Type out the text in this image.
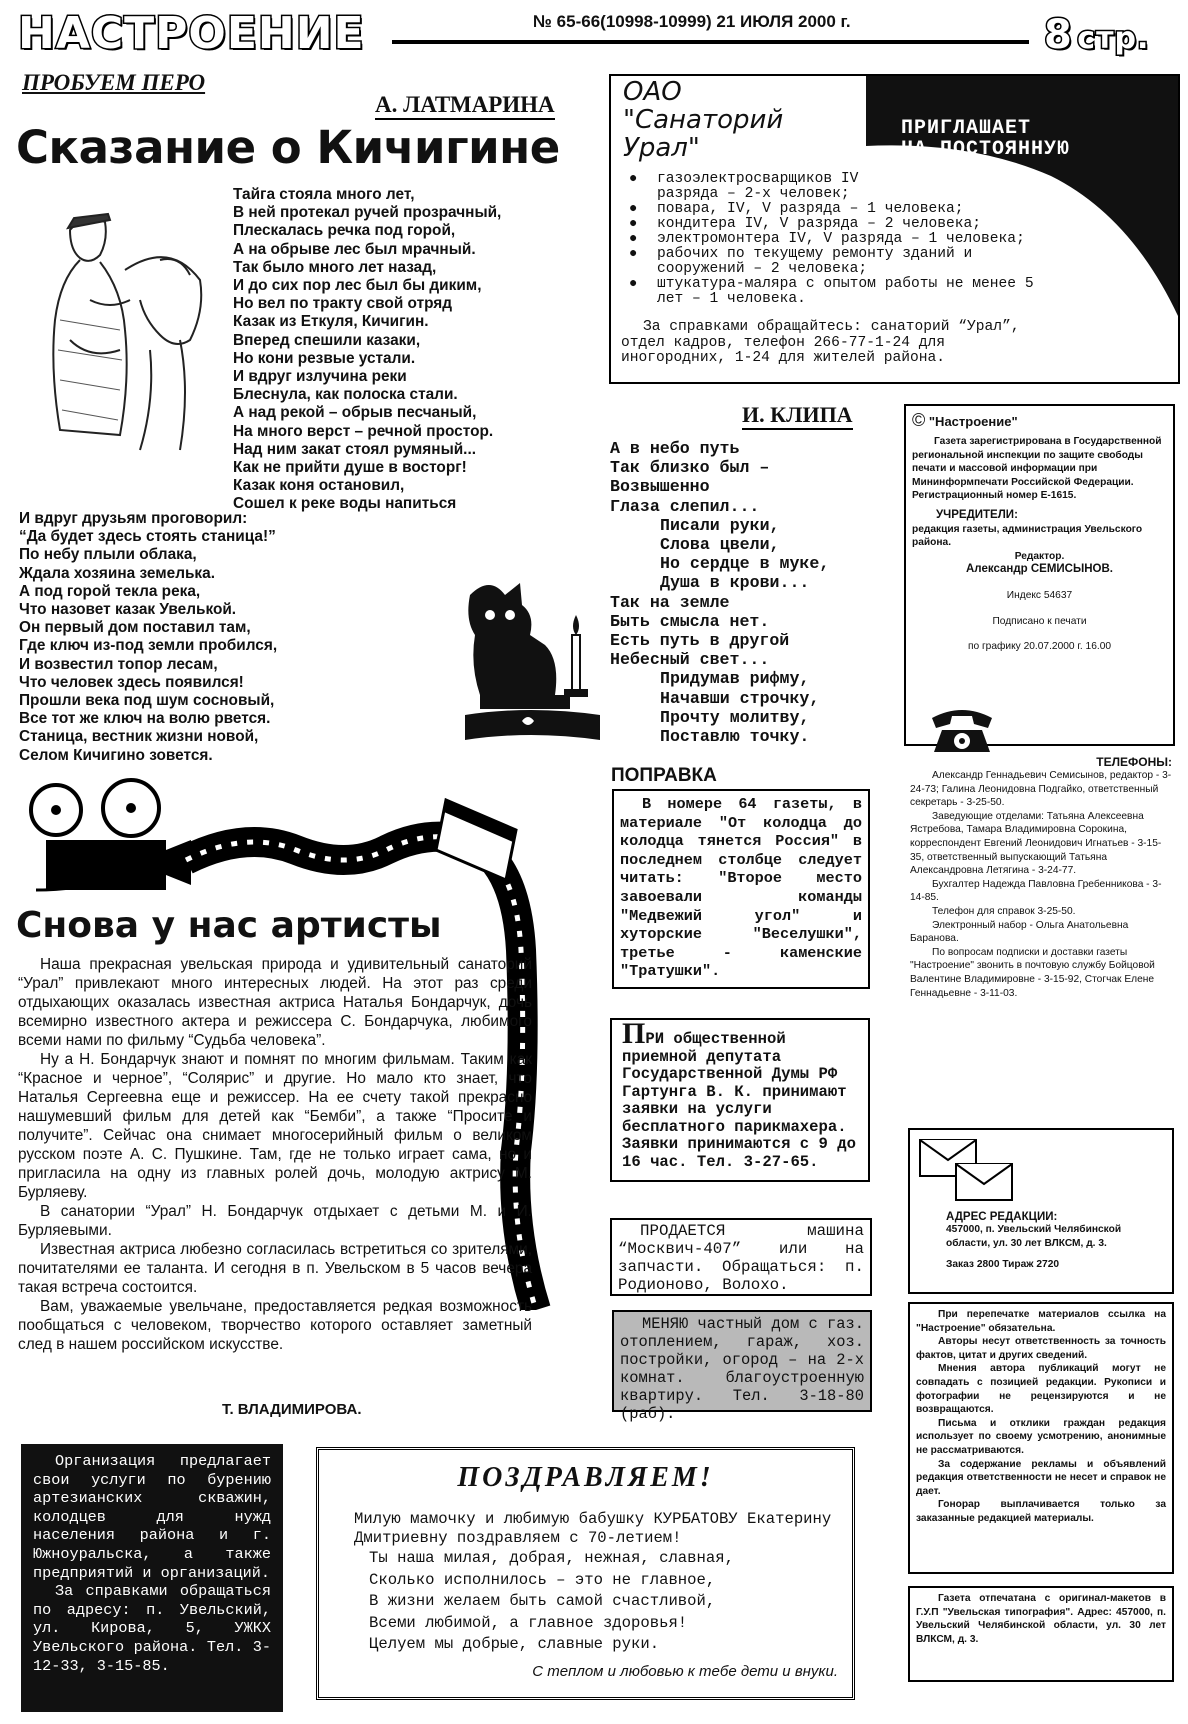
НАСТРОЕНИЕ	№ 65-66(10998-10999) 21 ИЮЛЯ 2000 г.	8 стр.
ПРОБУЕМ ПЕРО
А. ЛАТМАРИНА
Сказание о Кичигине
Тайга стояла много лет,
В ней протекал ручей прозрачный,
Плескалась речка под горой,
А на обрыве лес был мрачный.
Так было много лет назад,
И до сих пор лес был бы диким,
Но вел по тракту свой отряд
Казак из Еткуля, Кичигин.
Вперед спешили казаки,
Но кони резвые устали.
И вдруг излучина реки
Блеснула, как полоска стали.
А над рекой – обрыв песчаный,
На много верст – речной простор.
Над ним закат стоял румяный...
Как не прийти душе в восторг!
Казак коня остановил,
Сошел к реке воды напиться
И вдруг друзьям проговорил:
“Да будет здесь стоять станица!”
По небу плыли облака,
Ждала хозяина земелька.
А под горой текла река,
Что назовет казак Увелькой.
Он первый дом поставил там,
Где ключ из-под земли пробился,
И возвестил топор лесам,
Что человек здесь появился!
Прошли века под шум сосновый,
Все тот же ключ на волю рвется.
Станица, вестник жизни новой,
Селом Кичигино зовется.
ОАО
"Санаторий
Урал"
ПРИГЛАШАЕТ
НА ПОСТОЯННУЮ
РАБОТУ:
● газоэлектросварщиков IV разряда – 2-х человек;
● повара, IV, V разряда – 1 человека;
● кондитера IV, V разряда – 2 человека;
● электромонтера IV, V разряда – 1 человека;
● рабочих по текущему ремонту зданий и сооружений – 2 человека;
● штукатура-маляра с опытом работы не менее 5 лет – 1 человека.
За справками обращайтесь: санаторий “Урал”, отдел кадров, телефон 266-77-1-24 для иногородних, 1-24 для жителей района.
И. КЛИПА
А в небо путь
Так близко был –
Возвышенно
Глаза слепил...
Писали руки,
Слова цвели,
Но сердце в муке,
Душа в крови...
Так на земле
Быть смысла нет.
Есть путь в другой
Небесный свет...
Придумав рифму,
Начавши строчку,
Прочту молитву,
Поставлю точку.
ПОПРАВКА
В номере 64 газеты, в материале "От колодца до колодца тянется Россия" в последнем столбце следует читать: "Второе место завоевали команды "Медвежий угол" и хуторские "Веселушки", третье - каменские "Тратушки".
ПРИ общественной приемной депутата Государственной Думы РФ Гартунга В. К. принимают заявки на услуги бесплатного парикмахера. Заявки принимаются с 9 до 16 час. Тел. 3-27-65.
ПРОДАЕТСЯ машина “Москвич-407” или на запчасти. Обращаться: п. Родионово, Волохо.
МЕНЯЮ частный дом с газ. отоплением, гараж, хоз. постройки, огород – на 2-х комнат. благоустроенную квартиру. Тел. 3-18-80 (раб).
Снова у нас артисты
Наша прекрасная увельская природа и удивительный санаторий “Урал” привлекают много интересных людей. На этот раз среди отдыхающих оказалась известная актриса Наталья Бондарчук, дочь всемирно известного актера и режиссера С. Бондарчука, любимого всеми нами по фильму “Судьба человека”.
Ну а Н. Бондарчук знают и помнят по многим фильмам. Таким как “Красное и черное”, “Солярис” и другие. Но мало кто знает, что Наталья Сергеевна еще и режиссер. На ее счету такой прекрасно нашумевший фильм для детей как “Бемби”, а также “Просите и получите”. Сейчас она снимает многосерийный фильм о великом русском поэте А. С. Пушкине. Там, где не только играет сама, но и пригласила на одну из главных ролей дочь, молодую актрису М. Бурляеву.
В санатории “Урал” Н. Бондарчук отдыхает с детьми М. и И. Бурляевыми.
Известная актриса любезно согласилась встретиться со зрителями, почитателями ее таланта. И сегодня в п. Увельском в 5 часов вечера такая встреча состоится.
Вам, уважаемые увельчане, предоставляется редкая возможность пообщаться с человеком, творчество которого оставляет заметный след в нашем российском искусстве.
Т. ВЛАДИМИРОВА.
Организация предлагает свои услуги по бурению артезианских скважин, колодцев для нужд населения района и г. Южноуральска, а также предприятий и организаций.
За справками обращаться по адресу: п. Увельский, ул. Кирова, 5, УЖКХ Увельского района. Тел. 3-12-33, 3-15-85.
ПОЗДРАВЛЯЕМ!
Милую мамочку и любимую бабушку КУРБАТОВУ Екатерину Дмитриевну поздравляем с 70-летием!
Ты наша милая, добрая, нежная, славная,
Сколько исполнилось – это не главное,
В жизни желаем быть самой счастливой,
Всеми любимой, а главное здоровья!
Целуем мы добрые, славные руки.
С теплом и любовью к тебе дети и внуки.
© "Настроение"
Газета зарегистрирована в Государственной региональной инспекции по защите свободы печати и массовой информации при Мининформпечати Российской Федерации. Регистрационный номер Е-1615.
УЧРЕДИТЕЛИ:
редакция газеты, администрация Увельского района.
Редактор.
Александр СЕМИСЫНОВ.
Индекс 54637
Подписано к печати
по графику 20.07.2000 г. 16.00
ТЕЛЕФОНЫ:
Александр Геннадьевич Семисынов, редактор - 3-24-73; Галина Леонидовна Подгайко, ответственный секретарь - 3-25-50.
Заведующие отделами: Татьяна Алексеевна Ястребова, Тамара Владимировна Сорокина, корреспондент Евгений Леонидович Игнатьев - 3-15-35, ответственный выпускающий Татьяна Александровна Летягина - 3-24-77.
Бухгалтер Надежда Павловна Гребенникова - 3-14-85.
Телефон для справок 3-25-50.
Электронный набор - Ольга Анатольевна Баранова.
По вопросам подписки и доставки газеты "Настроение" звонить в почтовую службу Бойцовой Валентине Владимировне - 3-15-92, Стогчак Елене Геннадьевне - 3-11-03.
АДРЕС РЕДАКЦИИ:
457000, п. Увельский Челябинской области, ул. 30 лет ВЛКСМ, д. 3.
Заказ 2800 Тираж 2720
При перепечатке материалов ссылка на "Настроение" обязательна.
Авторы несут ответственность за точность фактов, цитат и других сведений.
Мнения автора публикаций могут не совпадать с позицией редакции. Рукописи и фотографии не рецензируются и не возвращаются.
Письма и отклики граждан редакция использует по своему усмотрению, анонимные не рассматриваются.
За содержание рекламы и объявлений редакция ответственности не несет и справок не дает.
Гонорар выплачивается только за заказанные редакцией материалы.
Газета отпечатана с оригинал-макетов в Г.У.П "Увельская типография". Адрес: 457000, п. Увельский Челябинской области, ул. 30 лет ВЛКСМ, д. 3.
